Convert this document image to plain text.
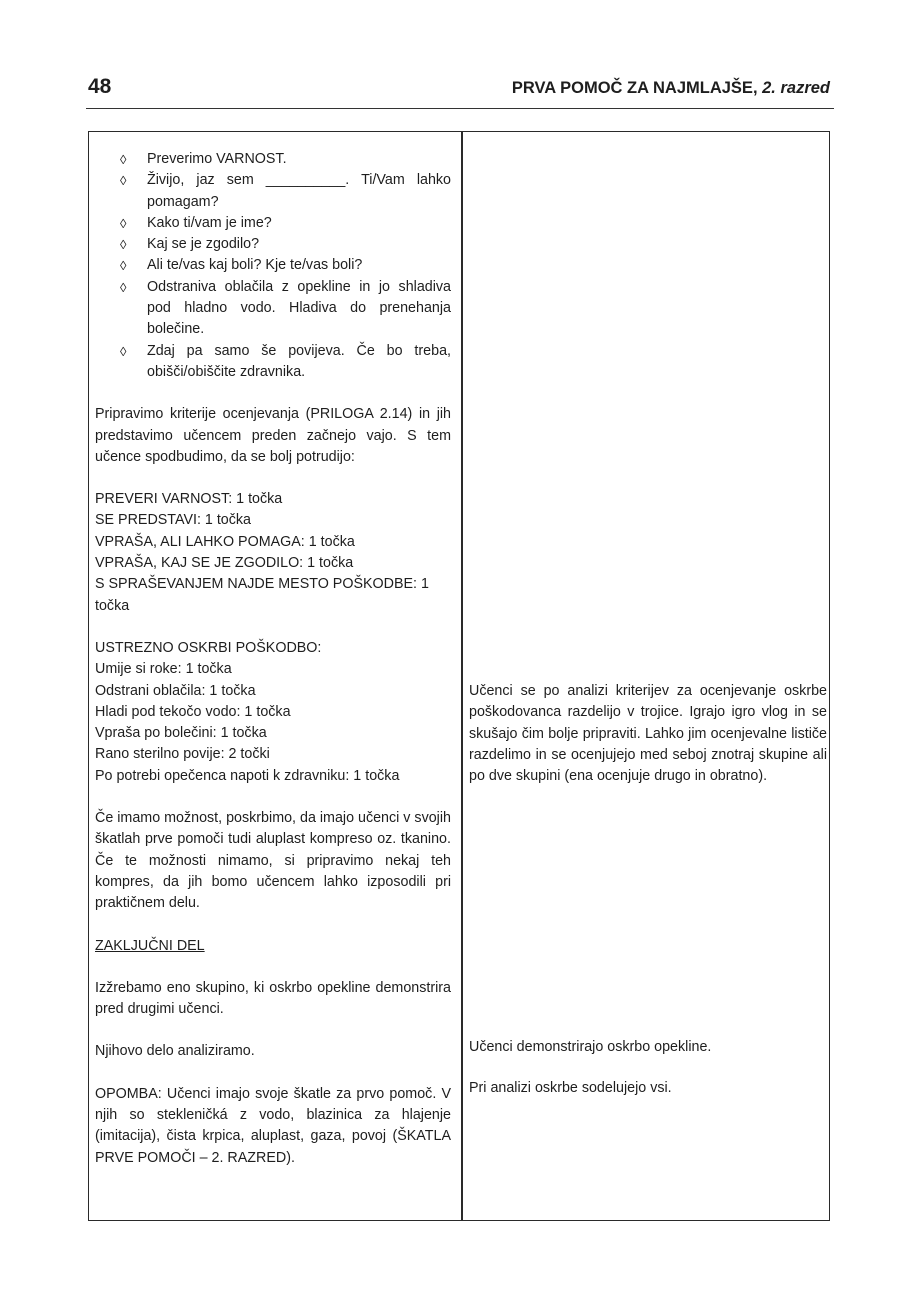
48	PRVA POMOČ ZA NAJMLAJŠE, 2. razred
◊ Preverimo VARNOST.
◊ Živijo, jaz sem __________. Ti/Vam lahko pomagam?
◊ Kako ti/vam je ime?
◊ Kaj se je zgodilo?
◊ Ali te/vas kaj boli? Kje te/vas boli?
◊ Odstraniva oblačila z opekline in jo shladiva pod hladno vodo. Hladiva do prenehanja bolečine.
◊ Zdaj pa samo še povijeva. Če bo treba, obišči/obiščite zdravnika.

Pripravimo kriterije ocenjevanja (PRILOGA 2.14) in jih predstavimo učencem preden začnejo vajo. S tem učence spodbudimo, da se bolj potrudijo:

PREVERI VARNOST: 1 točka
SE PREDSTAVI: 1 točka
VPRAŠA, ALI LAHKO POMAGA: 1 točka
VPRAŠA, KAJ SE JE ZGODILO: 1 točka
S SPRAŠEVANJEM NAJDE MESTO POŠKODBE: 1 točka
USTREZNO OSKRBI POŠKODBO:
Umije si roke: 1 točka
Odstrani oblačila: 1 točka
Hladi pod tekočo vodo: 1 točka
Vpraša po bolečini: 1 točka
Rano sterilno povije: 2 točki
Po potrebi opečenca napoti k zdravniku: 1 točka

Če imamo možnost, poskrbimo, da imajo učenci v svojih škatlah prve pomoči tudi aluplast kompreso oz. tkanino. Če te možnosti nimamo, si pripravimo nekaj teh kompres, da jih bomo učencem lahko izposodili pri praktičnem delu.

ZAKLJUČNI DEL

Izžrebamo eno skupino, ki oskrbo opekline demonstrira pred drugimi učenci.

Njihovo delo analiziramo.

OPOMBA: Učenci imajo svoje škatle za prvo pomoč. V njih so stekleničká z vodo, blazinica za hlajenje (imitacija), čista krpica, aluplast, gaza, povoj (ŠKATLA PRVE POMOČI – 2. RAZRED).

Učenci se po analizi kriterijev za ocenjevanje oskrbe poškodovanca razdelijo v trojice. Igrajo igro vlog in se skušajo čim bolje pripraviti. Lahko jim ocenjevalne lističe razdelimo in se ocenjujejo med seboj znotraj skupine ali po dve skupini (ena ocenjuje drugo in obratno).

Učenci demonstrirajo oskrbo opekline.

Pri analizi oskrbe sodelujejo vsi.
